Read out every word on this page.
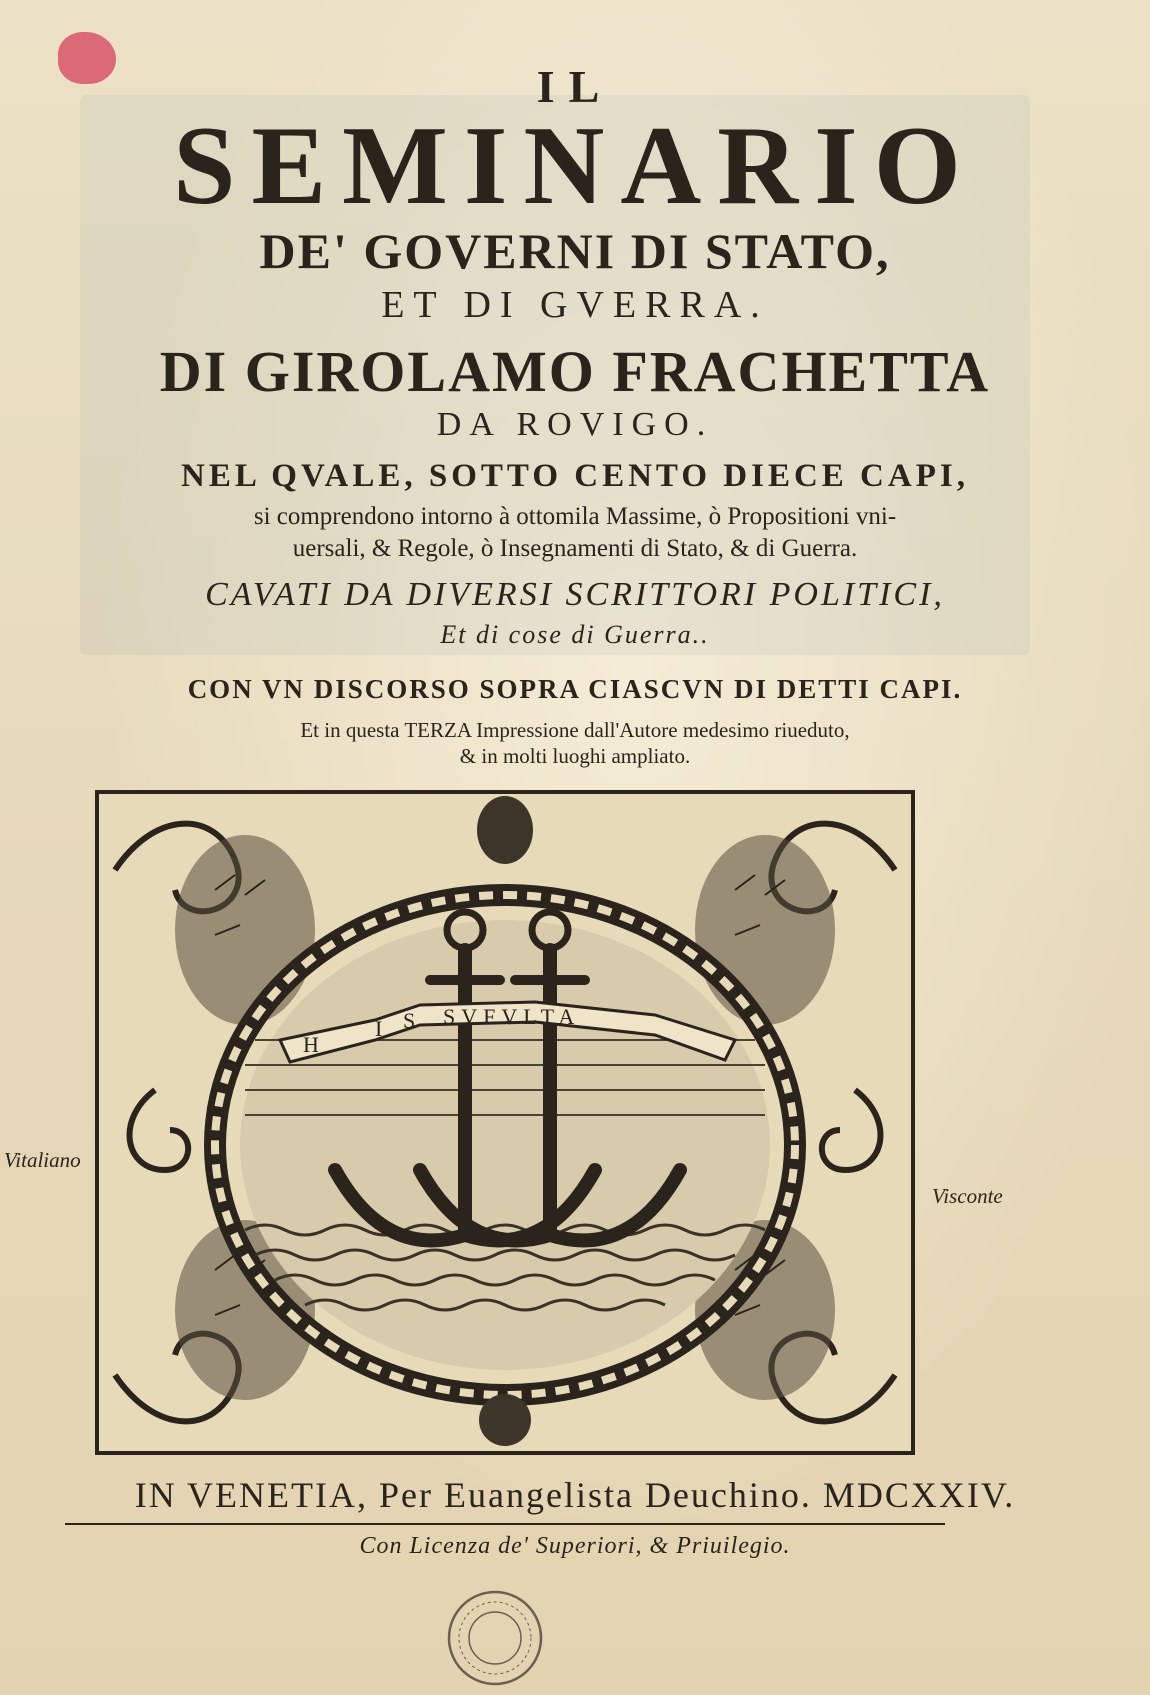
IL
SEMINARIO
DE' GOVERNI DI STATO,
ET DI GVERRA.
DI GIROLAMO FRACHETTA
DA ROVIGO.
NEL QVALE, SOTTO CENTO DIECE CAPI,
si comprendono intorno à ottomila Massime, ò Propositioni vni-
uersali, & Regole, ò Insegnamenti di Stato, & di Guerra.
CAVATI DA DIVERSI SCRITTORI POLITICI,
Et di cose di Guerra..
CON VN DISCORSO SOPRA CIASCVN DI DETTI CAPI.
Et in questa TERZA Impressione dall'Autore medesimo riueduto,
& in molti luoghi ampliato.
H
I S SVFVLTA
Vitaliano
Visconte
IN VENETIA, Per Euangelista Deuchino. MDCXXIV.
Con Licenza de' Superiori, & Priuilegio.
